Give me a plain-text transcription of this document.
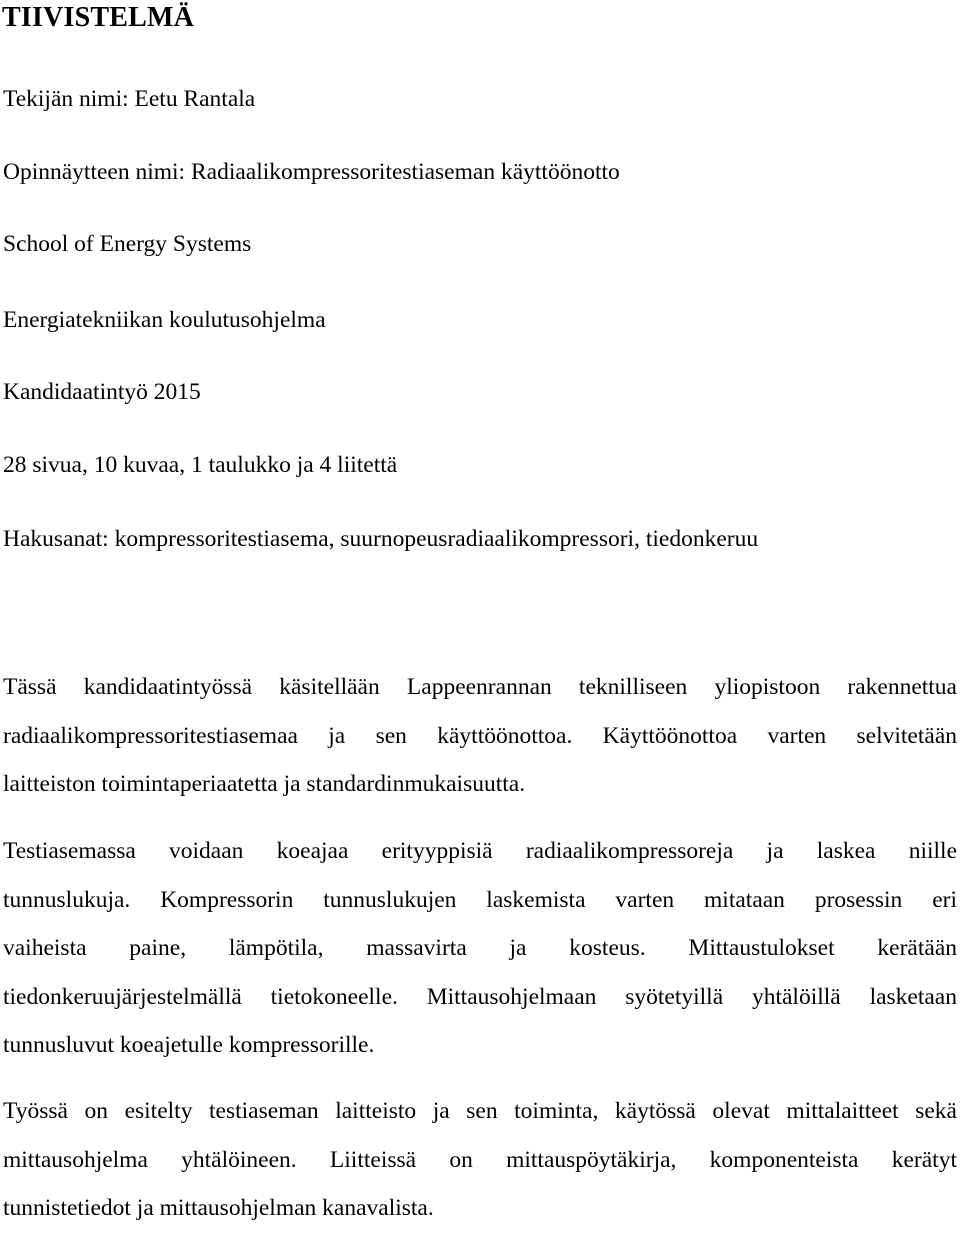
TIIVISTELMÄ

Tekijän nimi: Eetu Rantala

Opinnäytteen nimi: Radiaalikompressoritestiaseman käyttöönotto

School of Energy Systems

Energiatekniikan koulutusohjelma

Kandidaatintyö 2015

28 sivua, 10 kuvaa, 1 taulukko ja 4 liitettä

Hakusanat: kompressoritestiasema, suurnopeusradiaalikompressori, tiedonkeruu

Tässä kandidaatintyössä käsitellään Lappeenrannan teknilliseen yliopistoon rakennettua
radiaalikompressoritestiasemaa ja sen käyttöönottoa. Käyttöönottoa varten selvitetään
laitteiston toimintaperiaatetta ja standardinmukaisuutta.
Testiasemassa voidaan koeajaa erityyppisiä radiaalikompressoreja ja laskea niille
tunnuslukuja. Kompressorin tunnuslukujen laskemista varten mitataan prosessin eri
vaiheista paine, lämpötila, massavirta ja kosteus. Mittaustulokset kerätään
tiedonkeruujärjestelmällä tietokoneelle. Mittausohjelmaan syötetyillä yhtälöillä lasketaan
tunnusluvut koeajetulle kompressorille.
Työssä on esitelty testiaseman laitteisto ja sen toiminta, käytössä olevat mittalaitteet sekä
mittausohjelma yhtälöineen. Liitteissä on mittauspöytäkirja, komponenteista kerätyt
tunnistetiedot ja mittausohjelman kanavalista.
